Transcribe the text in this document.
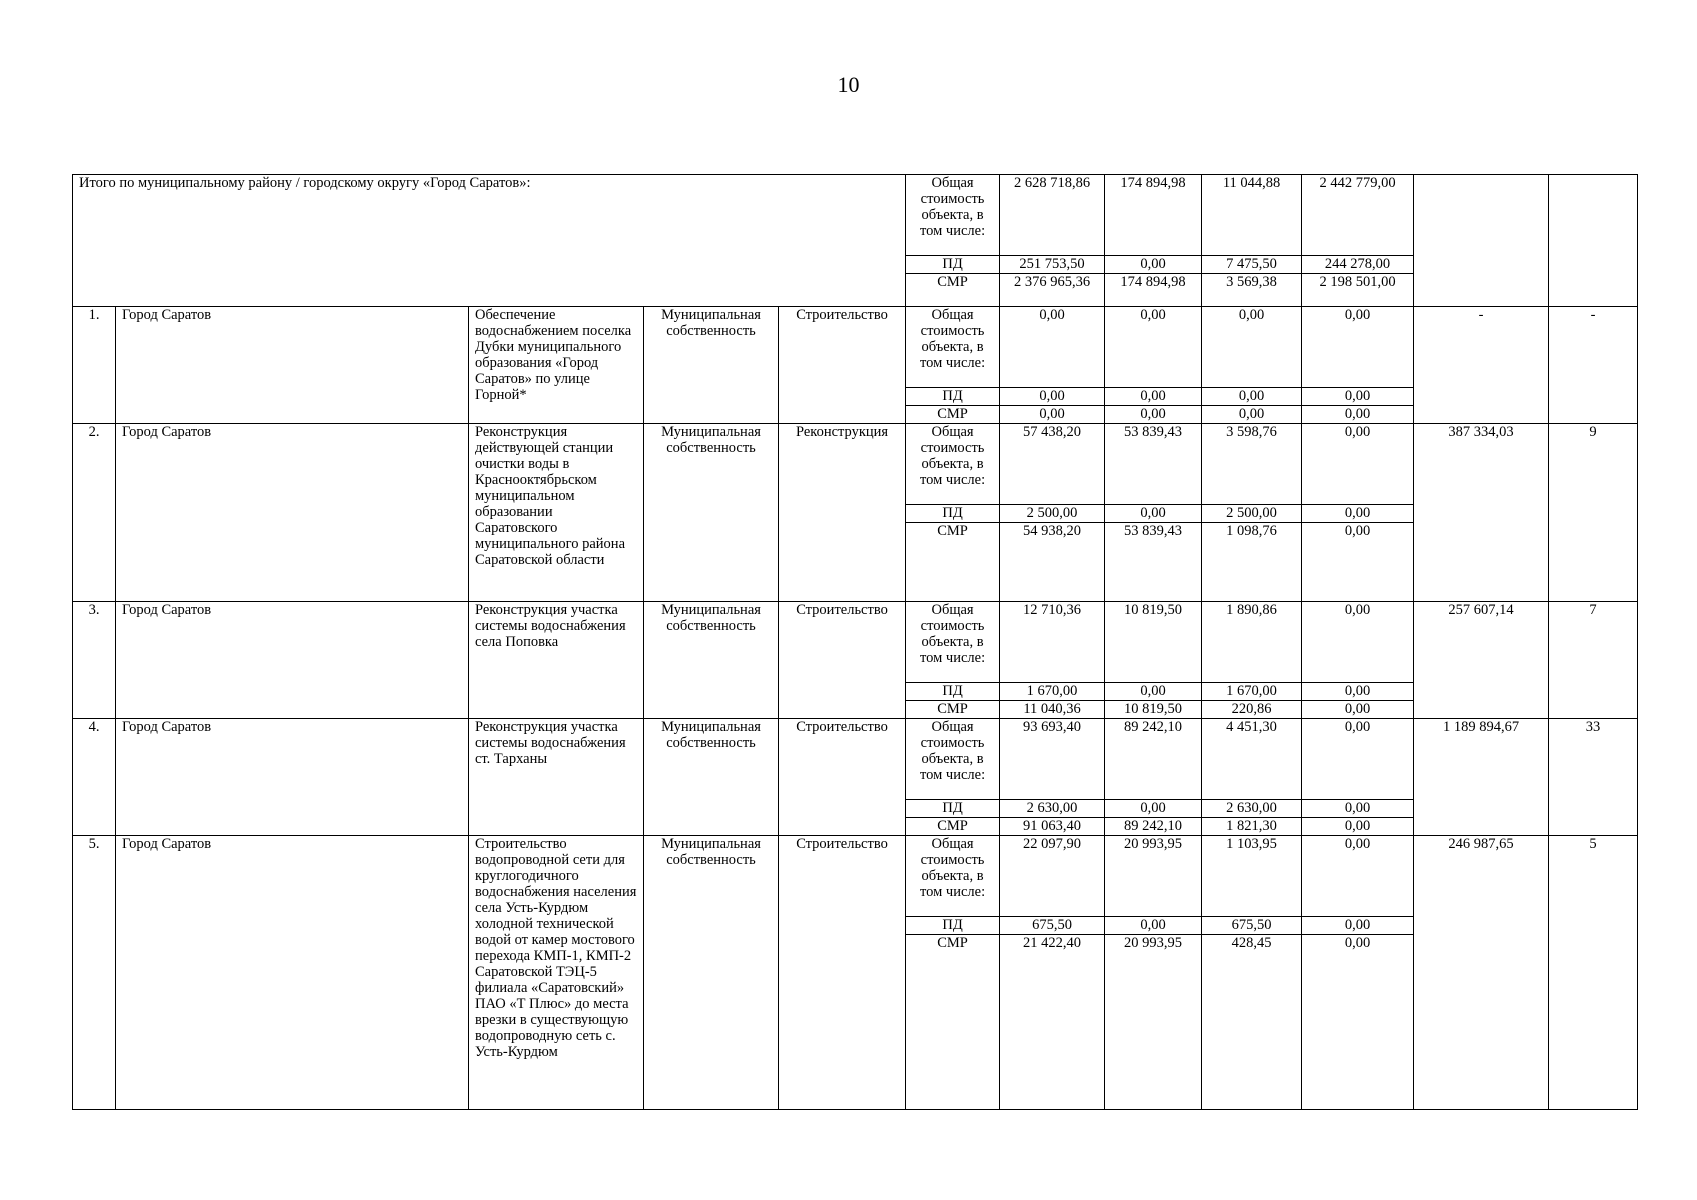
10
Итого по муниципальному району / городскому округу «Город Саратов»:					Общая стоимость объекта, в том числе:	2 628 718,86	174 894,98	11 044,88	2 442 779,00		
					ПД	251 753,50	0,00	7 475,50	244 278,00		
					СМР	2 376 965,36	174 894,98	3 569,38	2 198 501,00		
1.	Город Саратов	Обеспечение водоснабжением поселка Дубки муниципального образования «Город Саратов» по улице Горной*	Муниципальная собственность	Строительство	Общая стоимость объекта, в том числе:	0,00	0,00	0,00	0,00	-	-
					ПД	0,00	0,00	0,00	0,00		
					СМР	0,00	0,00	0,00	0,00		
2.	Город Саратов	Реконструкция действующей станции очистки воды в Краснооктябрьском муниципальном образовании Саратовского муниципального района Саратовской области	Муниципальная собственность	Реконструкция	Общая стоимость объекта, в том числе:	57 438,20	53 839,43	3 598,76	0,00	387 334,03	9
					ПД	2 500,00	0,00	2 500,00	0,00		
					СМР	54 938,20	53 839,43	1 098,76	0,00		
3.	Город Саратов	Реконструкция участка системы водоснабжения села Поповка	Муниципальная собственность	Строительство	Общая стоимость объекта, в том числе:	12 710,36	10 819,50	1 890,86	0,00	257 607,14	7
					ПД	1 670,00	0,00	1 670,00	0,00		
					СМР	11 040,36	10 819,50	220,86	0,00		
4.	Город Саратов	Реконструкция участка системы водоснабжения ст. Тарханы	Муниципальная собственность	Строительство	Общая стоимость объекта, в том числе:	93 693,40	89 242,10	4 451,30	0,00	1 189 894,67	33
					ПД	2 630,00	0,00	2 630,00	0,00		
					СМР	91 063,40	89 242,10	1 821,30	0,00		
5.	Город Саратов	Строительство водопроводной сети для круглогодичного водоснабжения населения села Усть-Курдюм холодной технической водой от камер мостового перехода КМП-1, КМП-2 Саратовской ТЭЦ-5 филиала «Саратовский» ПАО «Т Плюс» до места врезки в существующую водопроводную сеть с. Усть-Курдюм	Муниципальная собственность	Строительство	Общая стоимость объекта, в том числе:	22 097,90	20 993,95	1 103,95	0,00	246 987,65	5
					ПД	675,50	0,00	675,50	0,00		
					СМР	21 422,40	20 993,95	428,45	0,00		
